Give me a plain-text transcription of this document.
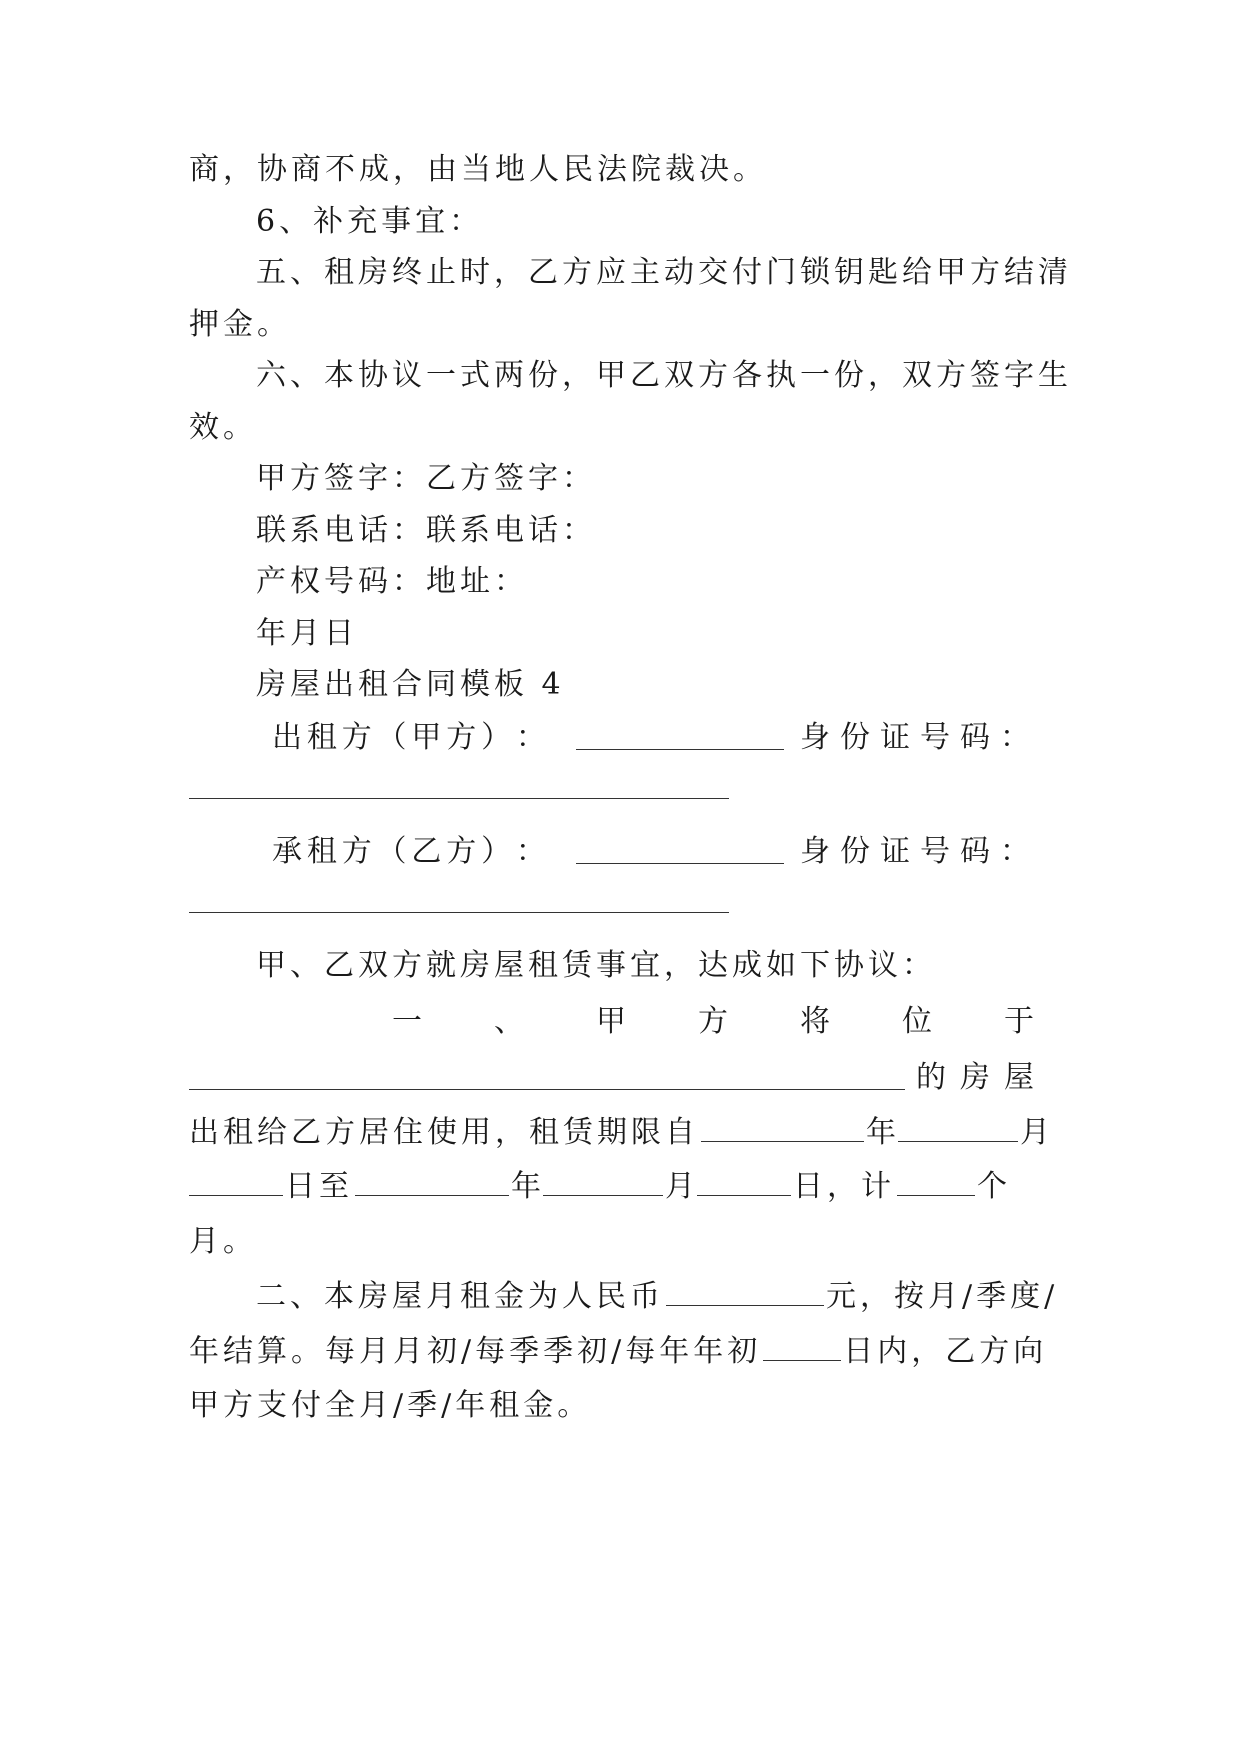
商，协商不成，由当地人民法院裁决。
6、补充事宜：
五、租房终止时，乙方应主动交付门锁钥匙给甲方结清
押金。
六、本协议一式两份，甲乙双方各执一份，双方签字生
效。
甲方签字：乙方签字：
联系电话：联系电话：
产权号码：地址：
年月日
房屋出租合同模板 4
出 租 方 （ 甲 方 ） ：	身 份 证 号 码 ：
承 租 方 （ 乙 方 ） ：	身 份 证 号 码 ：
甲、乙双方就房屋租赁事宜，达成如下协议：
一 、 甲 方 将 位 于
的房屋
出租给乙方居住使用，租赁期限自	年	月
日至	年	月	日，计	个
月。
二、本房屋月租金为人民币	元，按月/季度/
年结算。每月月初/每季季初/每年年初	日内，乙方向
甲方支付全月/季/年租金。
